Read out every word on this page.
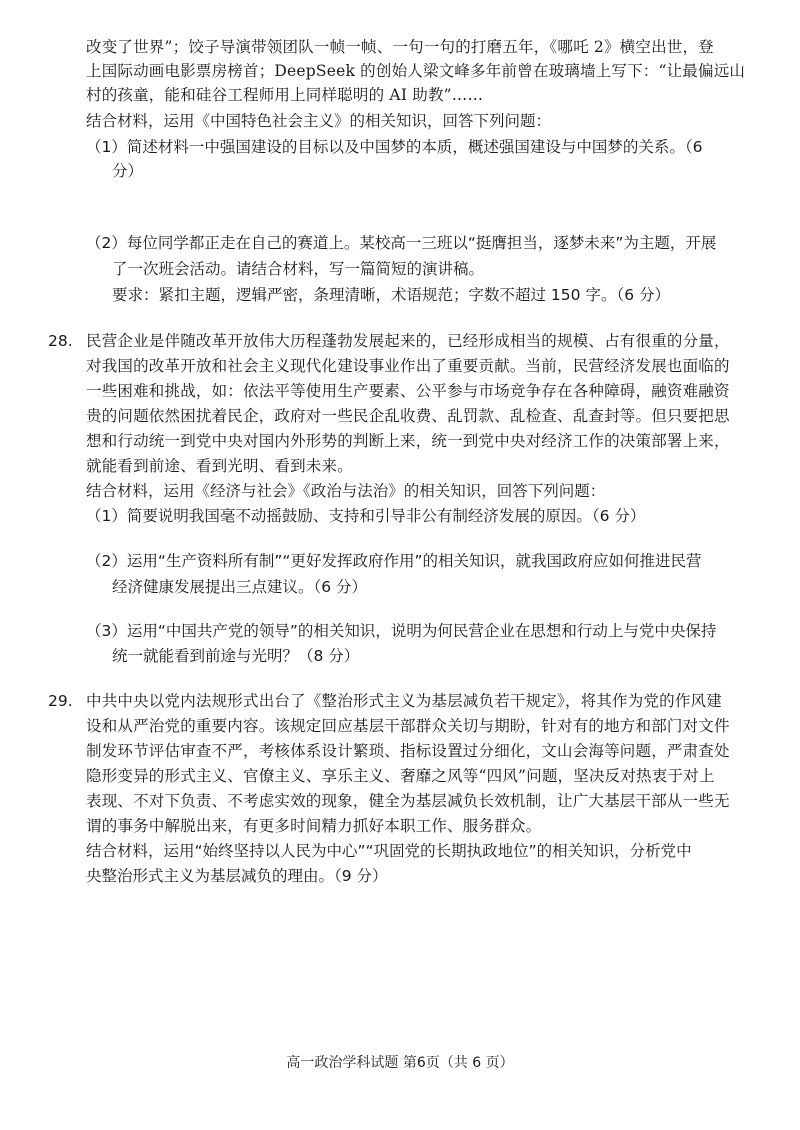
改变了世界”；饺子导演带领团队一帧一帧、一句一句的打磨五年，《哪吒 2》横空出世，登
上国际动画电影票房榜首；DeepSeek 的创始人梁文峰多年前曾在玻璃墙上写下：“让最偏远山
村的孩童，能和硅谷工程师用上同样聪明的 AI 助教”……
结合材料，运用《中国特色社会主义》的相关知识，回答下列问题：
（1）简述材料一中强国建设的目标以及中国梦的本质，概述强国建设与中国梦的关系。（6
分）
（2）每位同学都正走在自己的赛道上。某校高一三班以“挺膺担当，逐梦未来”为主题，开展
了一次班会活动。请结合材料，写一篇简短的演讲稿。
要求：紧扣主题，逻辑严密，条理清晰，术语规范；字数不超过 150 字。（6 分）
28. 民营企业是伴随改革开放伟大历程蓬勃发展起来的，已经形成相当的规模、占有很重的分量，
对我国的改革开放和社会主义现代化建设事业作出了重要贡献。当前，民营经济发展也面临的
一些困难和挑战，如：依法平等使用生产要素、公平参与市场竞争存在各种障碍，融资难融资
贵的问题依然困扰着民企，政府对一些民企乱收费、乱罚款、乱检查、乱查封等。但只要把思
想和行动统一到党中央对国内外形势的判断上来，统一到党中央对经济工作的决策部署上来，
就能看到前途、看到光明、看到未来。
结合材料，运用《经济与社会》《政治与法治》的相关知识，回答下列问题：
（1）简要说明我国毫不动摇鼓励、支持和引导非公有制经济发展的原因。（6 分）
（2）运用“生产资料所有制”“更好发挥政府作用”的相关知识，就我国政府应如何推进民营
经济健康发展提出三点建议。（6 分）
（3）运用“中国共产党的领导”的相关知识，说明为何民营企业在思想和行动上与党中央保持
统一就能看到前途与光明？（8 分）
29. 中共中央以党内法规形式出台了《整治形式主义为基层减负若干规定》，将其作为党的作风建
设和从严治党的重要内容。该规定回应基层干部群众关切与期盼，针对有的地方和部门对文件
制发环节评估审查不严，考核体系设计繁琐、指标设置过分细化，文山会海等问题，严肃查处
隐形变异的形式主义、官僚主义、享乐主义、奢靡之风等“四风”问题，坚决反对热衷于对上
表现、不对下负责、不考虑实效的现象，健全为基层减负长效机制，让广大基层干部从一些无
谓的事务中解脱出来，有更多时间精力抓好本职工作、服务群众。
结合材料，运用“始终坚持以人民为中心”“巩固党的长期执政地位”的相关知识，分析党中
央整治形式主义为基层减负的理由。（9 分）
高一政治学科试题 第6页（共 6 页）
